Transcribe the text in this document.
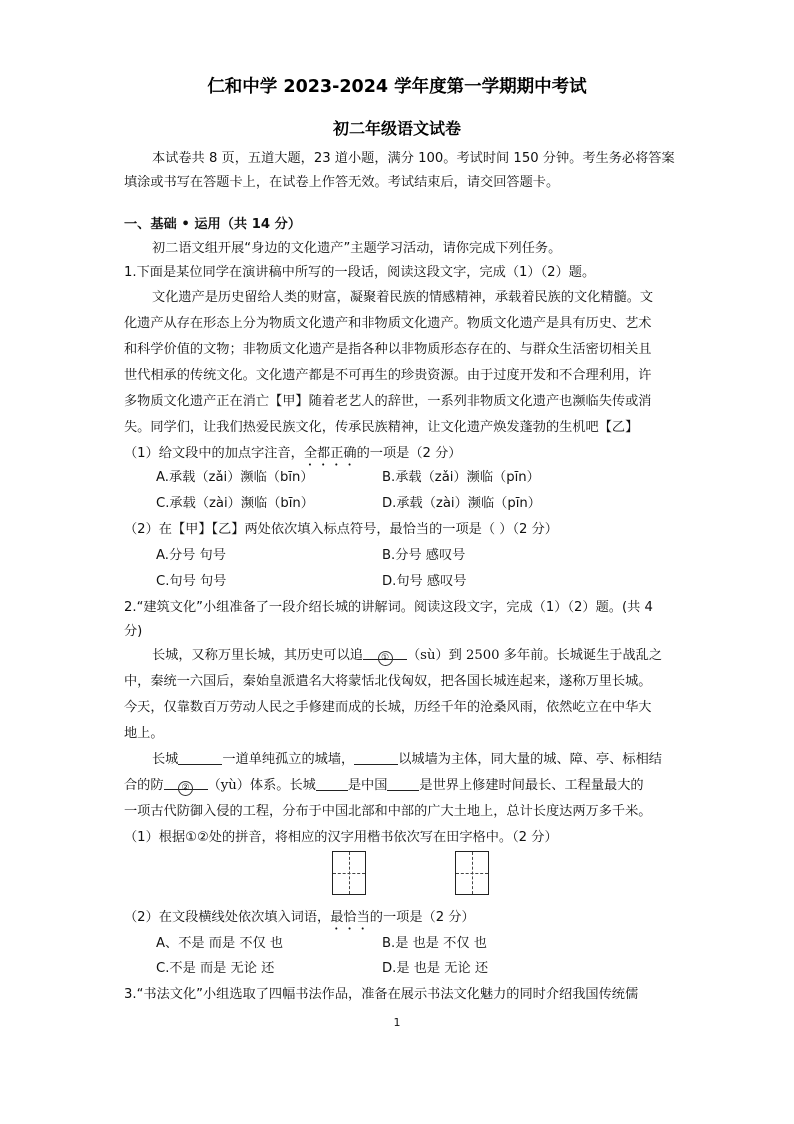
仁和中学 2023-2024 学年度第一学期期中考试
初二年级语文试卷
本试卷共 8 页，五道大题，23 道小题，满分 100。考试时间 150 分钟。考生务必将答案
填涂或书写在答题卡上，在试卷上作答无效。考试结束后，请交回答题卡。
一、基础 • 运用（共 14 分）
初二语文组开展“身边的文化遗产”主题学习活动，请你完成下列任务。
1.下面是某位同学在演讲稿中所写的一段话，阅读这段文字，完成（1）（2）题。
文化遗产是历史留给人类的财富，凝聚着民族的情感精神，承载着民族的文化精髓。文
化遗产从存在形态上分为物质文化遗产和非物质文化遗产。物质文化遗产是具有历史、艺术
和科学价值的文物；非物质文化遗产是指各种以非物质形态存在的、与群众生活密切相关且
世代相承的传统文化。文化遗产都是不可再生的珍贵资源。由于过度开发和不合理利用，许
多物质文化遗产正在消亡【甲】随着老艺人的辞世，一系列非物质文化遗产也濒临失传或消
失。同学们，让我们热爱民族文化，传承民族精神，让文化遗产焕发蓬勃的生机吧【乙】
（1）给文段中的加点字注音，全都正确的一项是（2 分）
A.承载（zǎi）濒临（bīn）	B.承载（zǎi）濒临（pīn）
C.承载（zài）濒临（bīn）	D.承载（zài）濒临（pīn）
（2）在【甲】【乙】两处依次填入标点符号，最恰当的一项是（ ）（2 分）
A.分号 句号	B.分号 感叹号
C.句号 句号	D.句号 感叹号
2.“建筑文化”小组准备了一段介绍长城的讲解词。阅读这段文字，完成（1）（2）题。(共 4
分)
长城，又称万里长城，其历史可以追 ① （sù）到 2500 多年前。长城诞生于战乱之
中，秦统一六国后，秦始皇派遣名大将蒙恬北伐匈奴，把各国长城连起来，遂称万里长城。
今天，仅靠数百万劳动人民之手修建而成的长城，历经千年的沧桑风雨，依然屹立在中华大
地上。
长城	一道单纯孤立的城墙，	以城墙为主体，同大量的城、障、亭、标相结
合的防 ② （yù）体系。长城 是中国 是世界上修建时间最长、工程量最大的
一项古代防御入侵的工程，分布于中国北部和中部的广大土地上，总计长度达两万多千米。
（1）根据①②处的拼音，将相应的汉字用楷书依次写在田字格中。（2 分）
（2）在文段横线处依次填入词语，最恰当的一项是（2 分）
A、不是 而是 不仅 也	B.是 也是 不仅 也
C.不是 而是 无论 还	D.是 也是 无论 还
3.“书法文化”小组选取了四幅书法作品，准备在展示书法文化魅力的同时介绍我国传统儒
1
